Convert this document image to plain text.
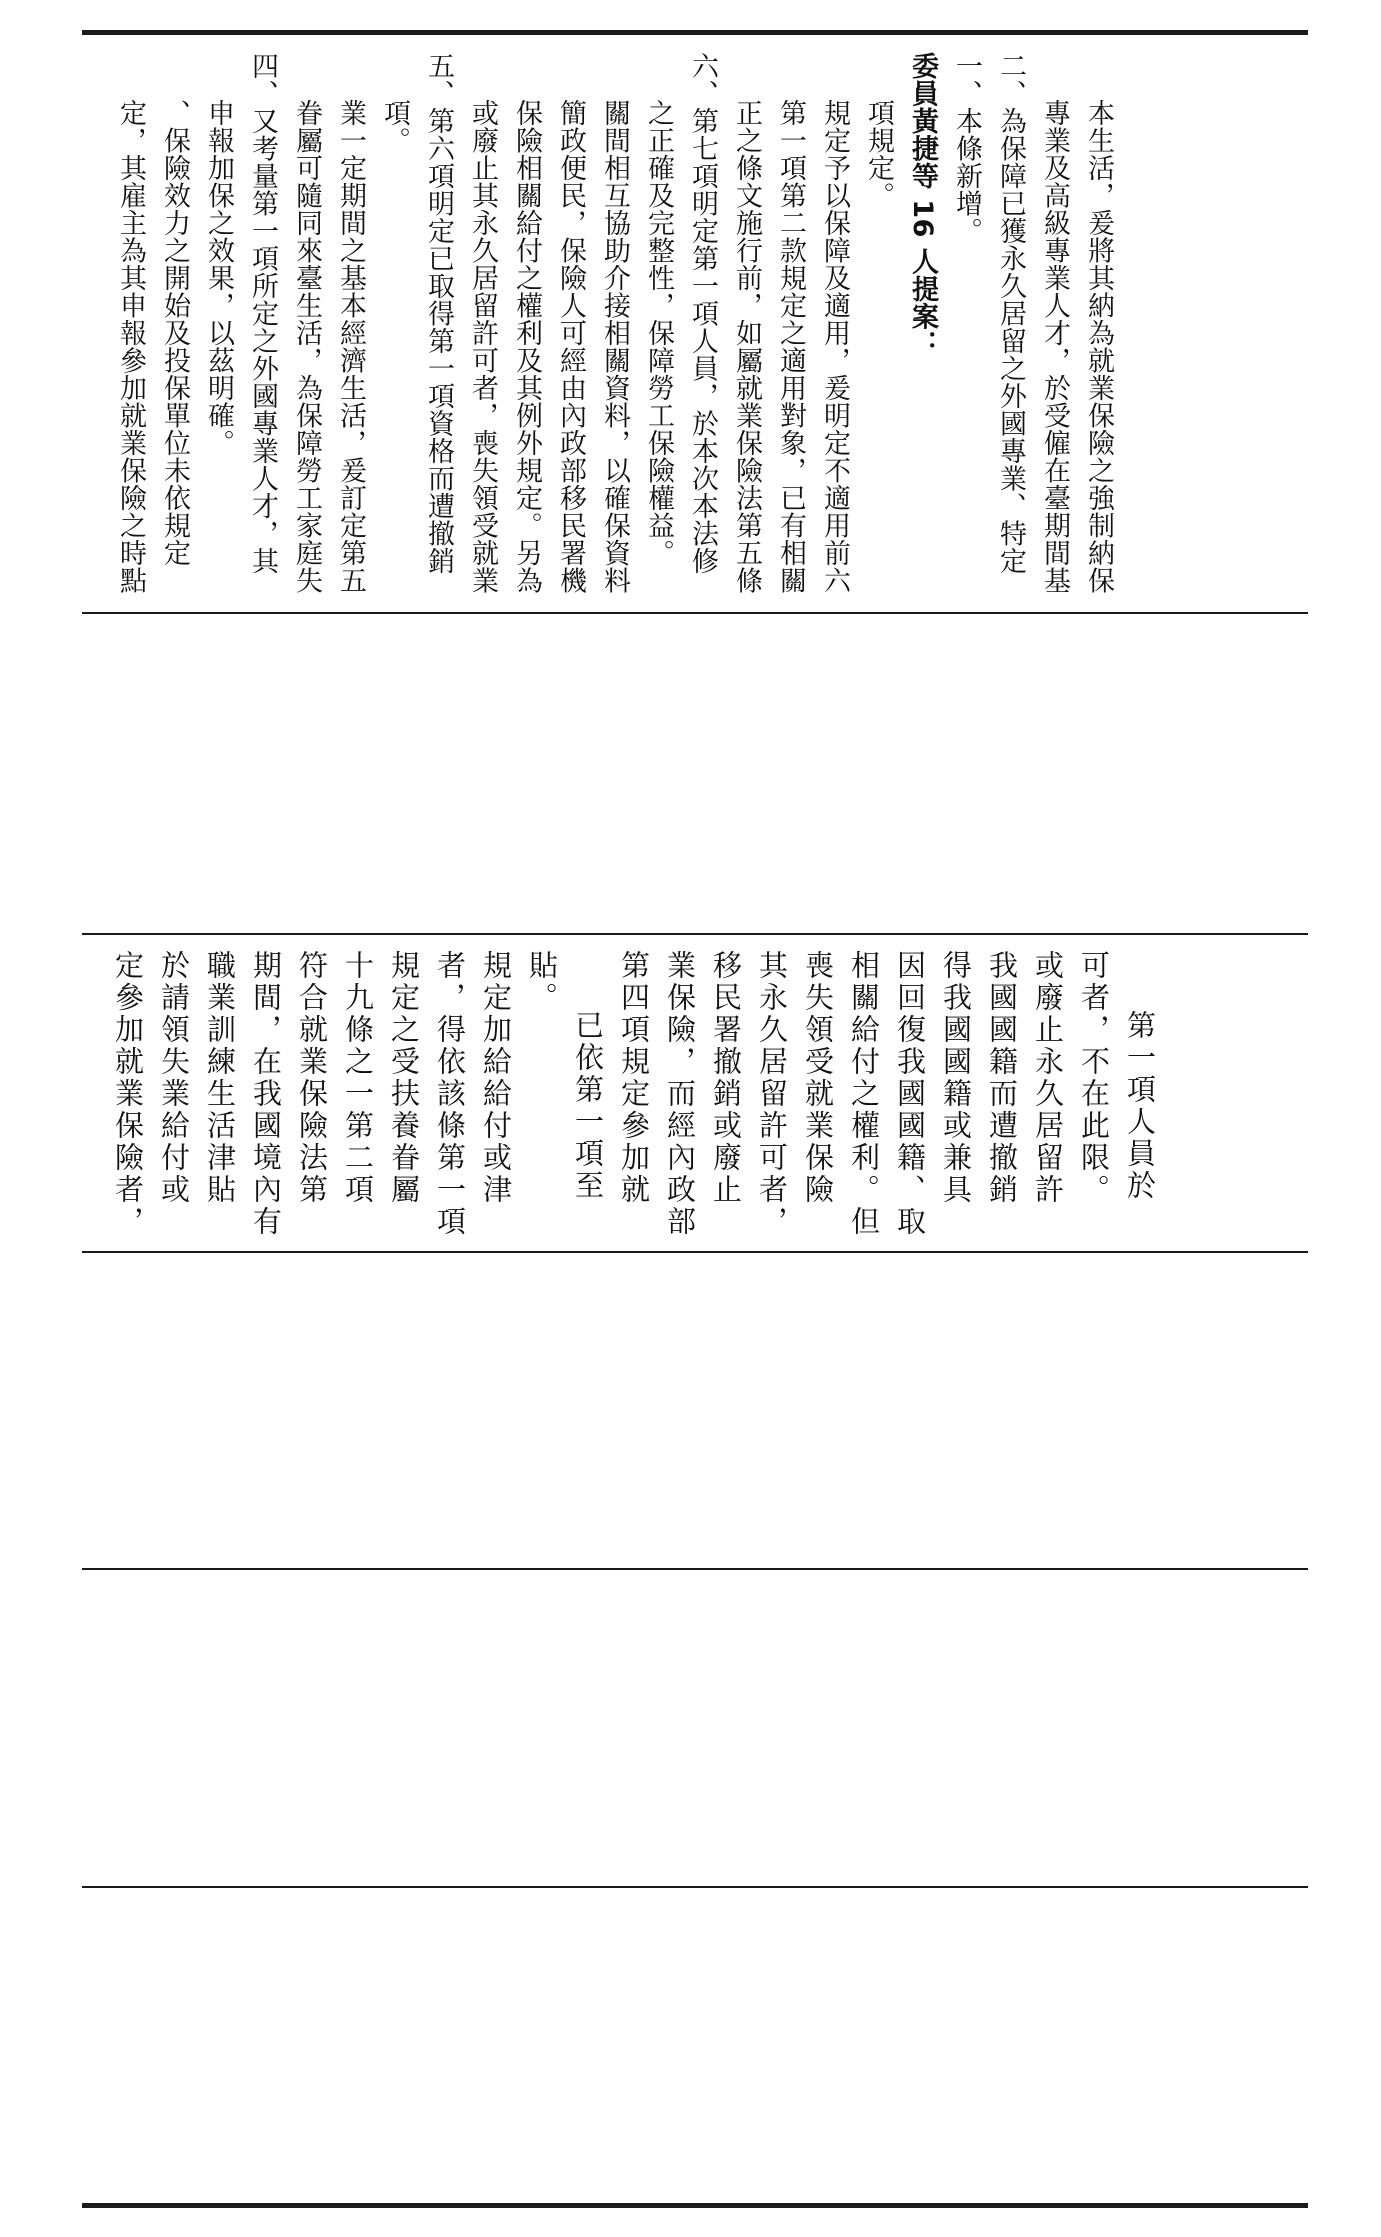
定，其雇主為其申報參加就業保險之時點 、保險效力之開始及投保單位未依規定 申報加保之效果，以茲明確。 四、又考量第一項所定之外國專業人才，其 眷屬可隨同來臺生活，為保障勞工家庭失 業一定期間之基本經濟生活，爰訂定第五 項。 五、第六項明定已取得第一項資格而遭撤銷 或廢止其永久居留許可者，喪失領受就業 保險相關給付之權利及其例外規定。另為 簡政便民，保險人可經由內政部移民署機 關間相互協助介接相關資料，以確保資料 之正確及完整性，保障勞工保險權益。 六、第七項明定第一項人員，於本次本法修 正之條文施行前，如屬就業保險法第五條 第一項第二款規定之適用對象，已有相關 規定予以保障及適用，爰明定不適用前六 項規定。 委員黃捷等 16 人提案： 一、本條新增。 二、為保障已獲永久居留之外國專業、特定 專業及高級專業人才，於受僱在臺期間基 本生活，爰將其納為就業保險之強制納保
定參加就業保險者， 於請領失業給付或 職業訓練生活津貼 期間，在我國境內有 符合就業保險法第 十九條之一第二項 規定之受扶養眷屬 者，得依該條第一項 規定加給給付或津 貼。
已依第一項至 第四項規定參加就 業保險，而經內政部 移民署撤銷或廢止 其永久居留許可者， 喪失領受就業保險 相關給付之權利。但 因回復我國國籍、取 得我國國籍或兼具 我國國籍而遭撤銷 或廢止永久居留許 可者，不在此限。 第一項人員於
